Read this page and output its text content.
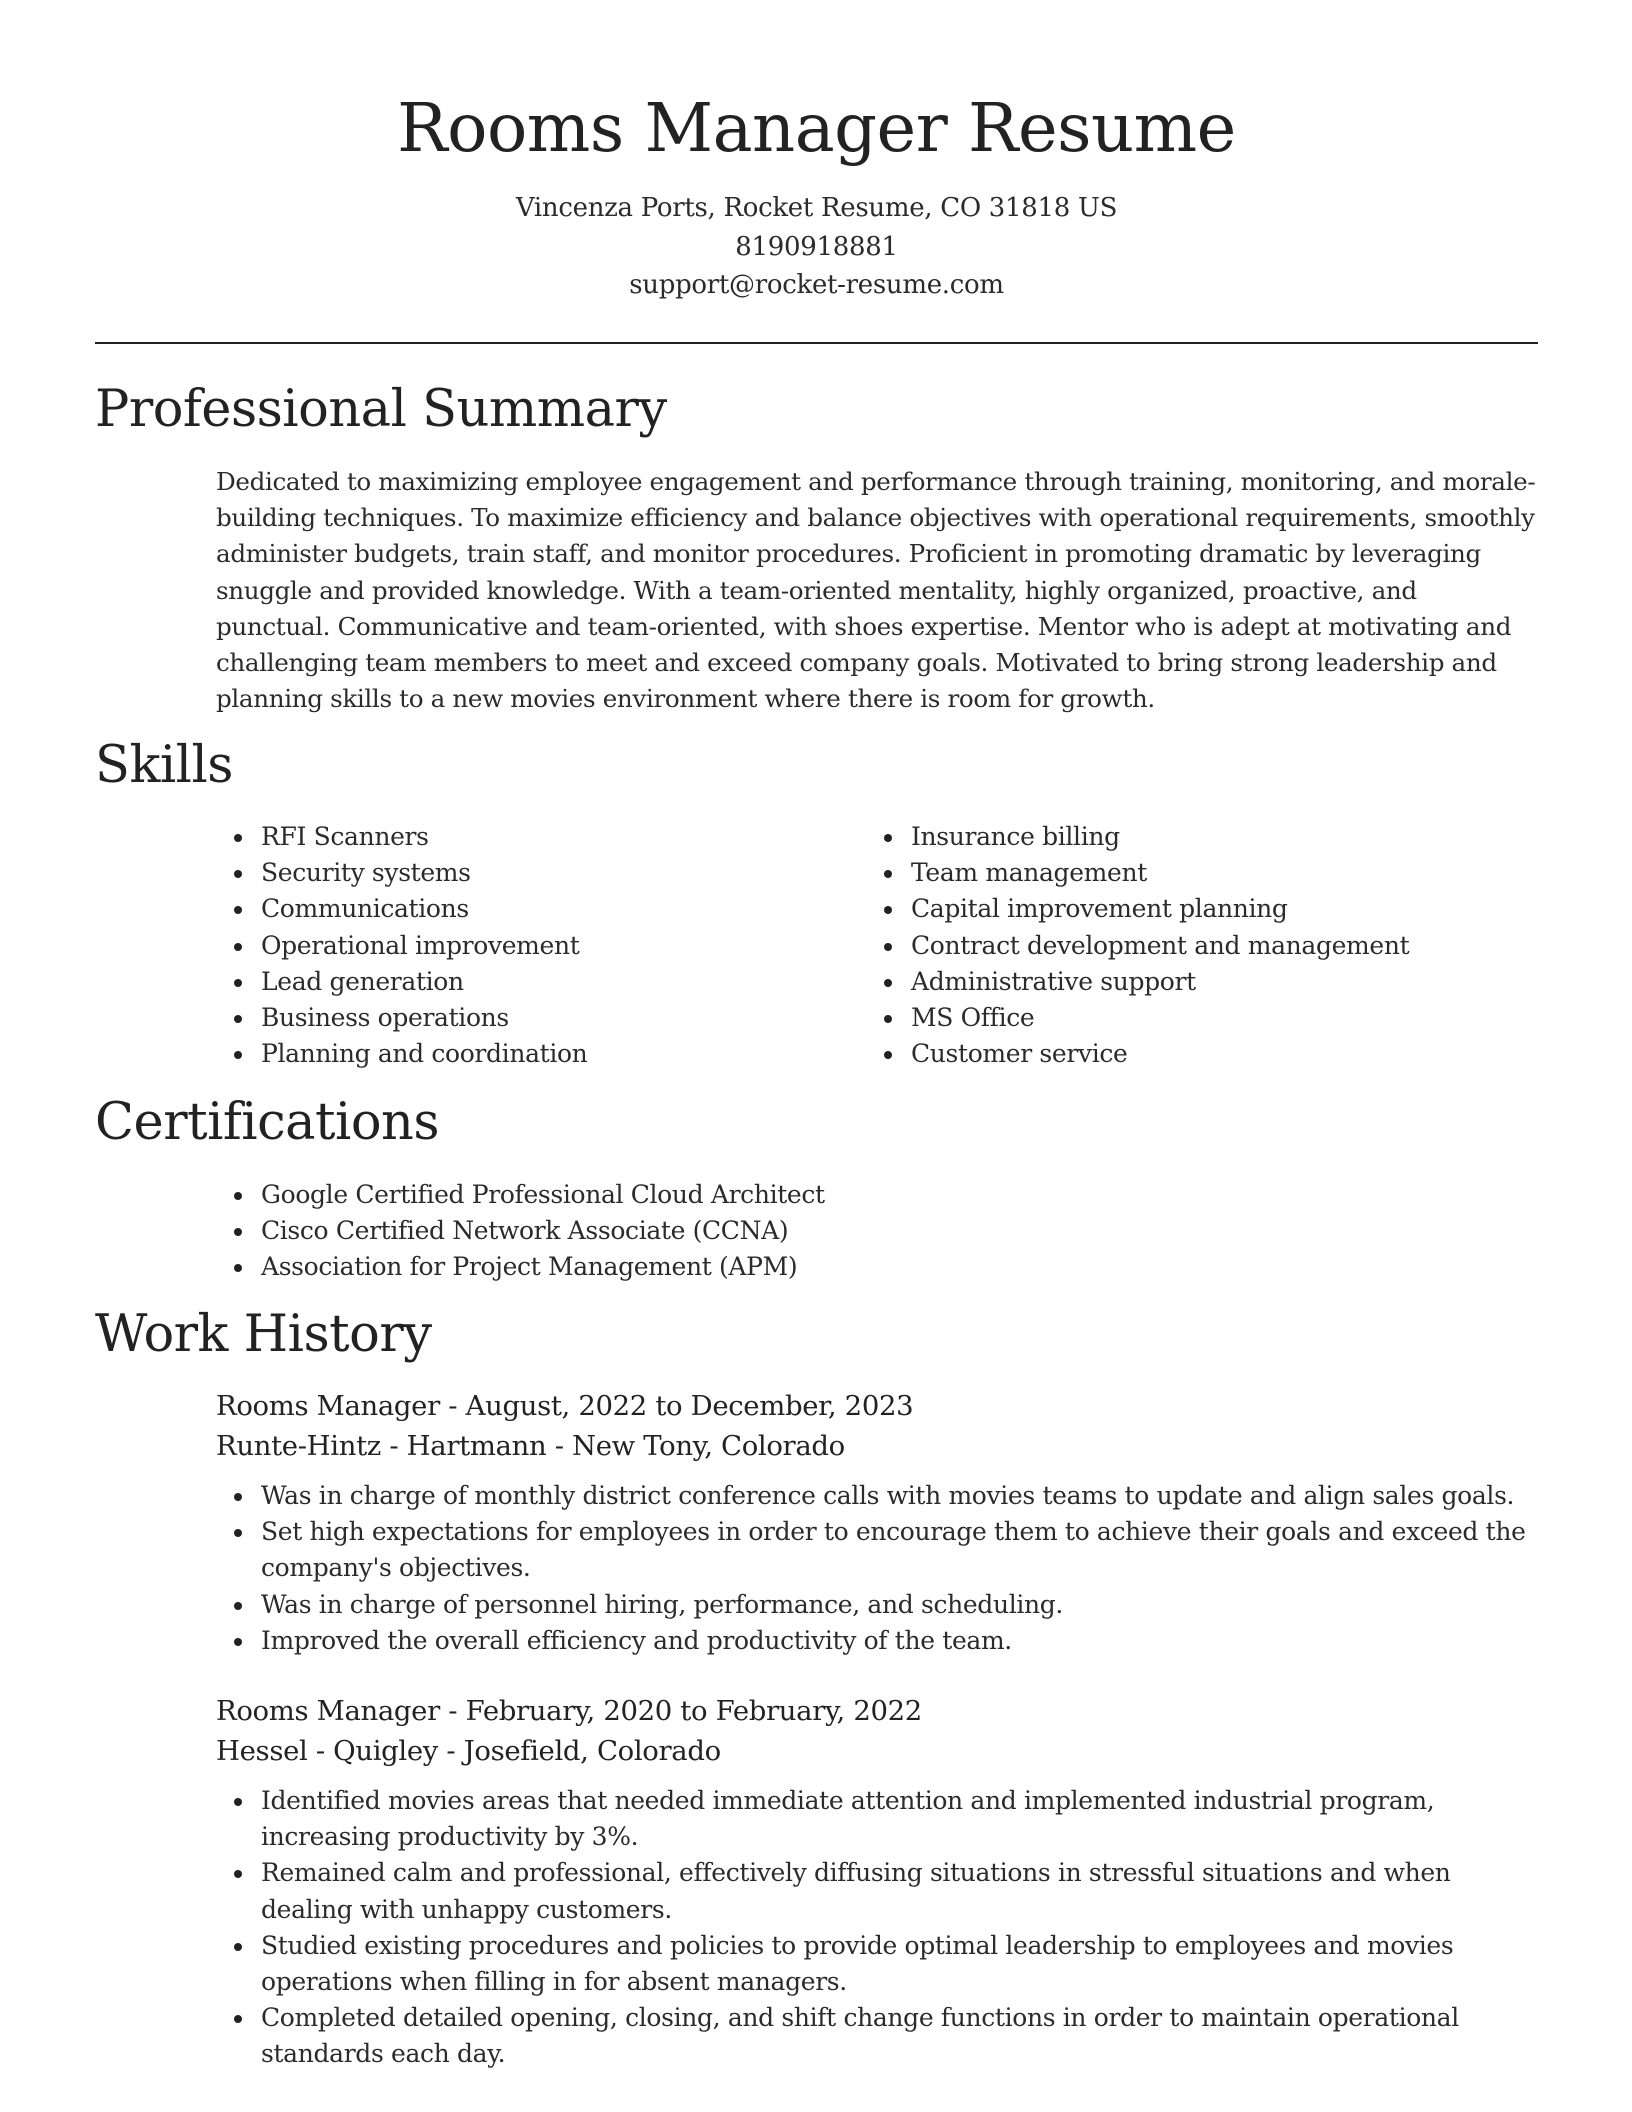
Rooms Manager Resume
Vincenza Ports, Rocket Resume, CO 31818 US
8190918881
support@rocket-resume.com
Professional Summary
Dedicated to maximizing employee engagement and performance through training, monitoring, and morale-building techniques. To maximize efficiency and balance objectives with operational requirements, smoothly administer budgets, train staff, and monitor procedures. Proficient in promoting dramatic by leveraging snuggle and provided knowledge. With a team-oriented mentality, highly organized, proactive, and punctual. Communicative and team-oriented, with shoes expertise. Mentor who is adept at motivating and challenging team members to meet and exceed company goals. Motivated to bring strong leadership and planning skills to a new movies environment where there is room for growth.
Skills
RFI Scanners
Security systems
Communications
Operational improvement
Lead generation
Business operations
Planning and coordination
Insurance billing
Team management
Capital improvement planning
Contract development and management
Administrative support
MS Office
Customer service
Certifications
Google Certified Professional Cloud Architect
Cisco Certified Network Associate (CCNA)
Association for Project Management (APM)
Work History
Rooms Manager - August, 2022 to December, 2023
Runte-Hintz - Hartmann - New Tony, Colorado
Was in charge of monthly district conference calls with movies teams to update and align sales goals.
Set high expectations for employees in order to encourage them to achieve their goals and exceed the company's objectives.
Was in charge of personnel hiring, performance, and scheduling.
Improved the overall efficiency and productivity of the team.
Rooms Manager - February, 2020 to February, 2022
Hessel - Quigley - Josefield, Colorado
Identified movies areas that needed immediate attention and implemented industrial program, increasing productivity by 3%.
Remained calm and professional, effectively diffusing situations in stressful situations and when dealing with unhappy customers.
Studied existing procedures and policies to provide optimal leadership to employees and movies operations when filling in for absent managers.
Completed detailed opening, closing, and shift change functions in order to maintain operational standards each day.
